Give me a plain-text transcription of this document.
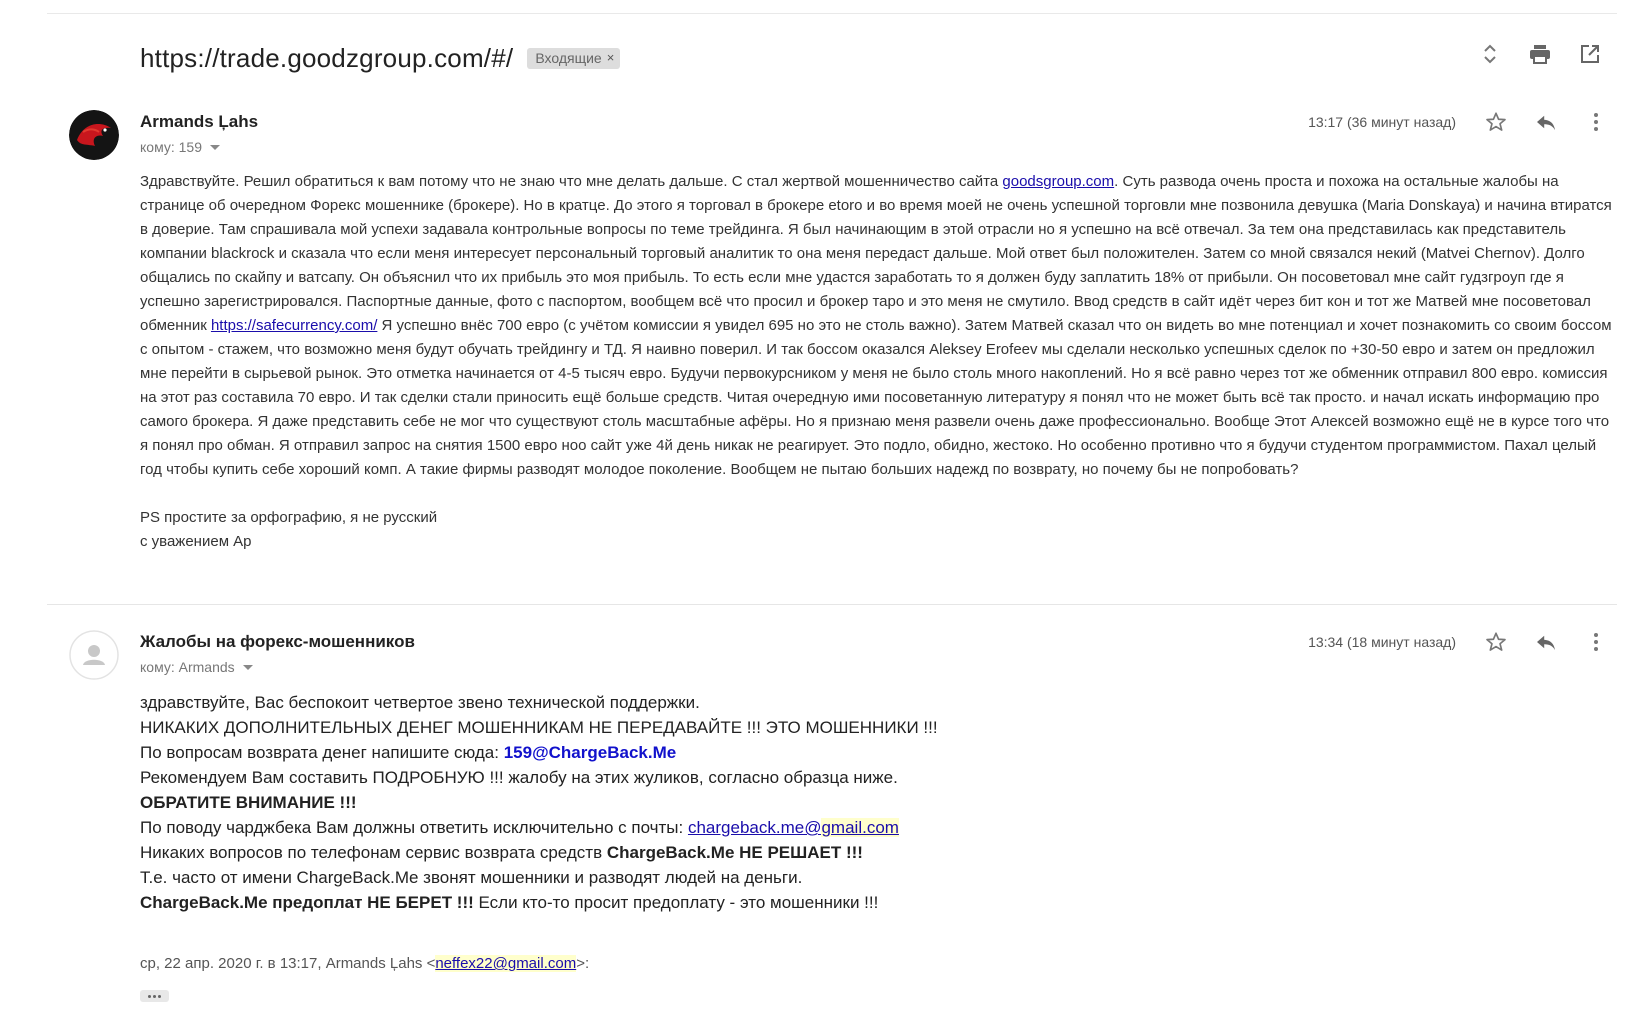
https://trade.goodzgroup.com/#/ Входящие ×
Armands Ļahs
кому: 159
13:17 (36 минут назад)

Здравствуйте. Решил обратиться к вам потому что не знаю что мне делать дальше. С стал жертвой мошенничество сайта goodsgroup.com. Суть развода очень проста и похожа на остальные жалобы на странице об очередном Форекс мошеннике (брокере). Но в кратце. До этого я торговал в брокере etoro и во время моей не очень успешной торговли мне позвонила девушка (Maria Donskaya) и начина втиратся в доверие. Там спрашивала мой успехи задавала контрольные вопросы по теме трейдинга. Я был начинающим в этой отрасли но я успешно на всё отвечал. За тем она представилась как представитель компании blackrock и сказала что если меня интересует персональный торговый аналитик то она меня передаст дальше. Мой ответ был положителен. Затем со мной связался некий (Matvei Chernov). Долго общались по скайпу и ватсапу. Он объяснил что их прибыль это моя прибыль. То есть если мне удастся заработать то я должен буду заплатить 18% от прибыли. Он посоветовал мне сайт гудзгроуп где я успешно зарегистрировался. Паспортные данные, фото с паспортом, вообщем всё что просил и брокер таро и это меня не смутило. Ввод средств в сайт идёт через бит кон и тот же Матвей мне посоветовал обменник https://safecurrency.com/ Я успешно внёс 700 евро (с учётом комиссии я увидел 695 но это не столь важно). Затем Матвей сказал что он видеть во мне потенциал и хочет познакомить со своим боссом с опытом - стажем, что возможно меня будут обучать трейдингу и ТД. Я наивно поверил. И так боссом оказался Aleksey Erofeev мы сделали несколько успешных сделок по +30-50 евро и затем он предложил мне перейти в сырьевой рынок. Это отметка начинается от 4-5 тысяч евро. Будучи первокурсником у меня не было столь много накоплений. Но я всё равно через тот же обменник отправил 800 евро. комиссия на этот раз составила 70 евро. И так сделки стали приносить ещё больше средств. Читая очередную ими посоветанную литературу я понял что не может быть всё так просто. и начал искать информацию про самого брокера. Я даже представить себе не мог что существуют столь масштабные афёры. Но я признаю меня развели очень даже профессионально. Вообще Этот Алексей возможно ещё не в курсе того что я понял про обман. Я отправил запрос на снятия 1500 евро ноо сайт уже 4й день никак не реагирует. Это подло, обидно, жестоко. Но особенно противно что я будучи студентом программистом. Пахал целый год чтобы купить себе хороший комп. А такие фирмы разводят молодое поколение. Вообщем не пытаю больших надежд по возврату, но почему бы не попробовать?

PS простите за орфографию, я не русский

с уважением Ар

Жалобы на форекс-мошенников
кому: Armands
13:34 (18 минут назад)

здравствуйте, Вас беспокоит четвертое звено технической поддержки.

НИКАКИХ ДОПОЛНИТЕЛЬНЫХ ДЕНЕГ МОШЕННИКАМ НЕ ПЕРЕДАВАЙТЕ !!! ЭТО МОШЕННИКИ !!!

По вопросам возврата денег напишите сюда: 159@ChargeBack.Me

Рекомендуем Вам составить ПОДРОБНУЮ !!! жалобу на этих жуликов, согласно образца ниже.

ОБРАТИТЕ ВНИМАНИЕ !!!

По поводу чарджбека Вам должны ответить исключительно с почты: chargeback.me@gmail.com

Никаких вопросов по телефонам сервис возврата средств ChargeBack.Me НЕ РЕШАЕТ !!!

Т.е. часто от имени ChargeBack.Me звонят мошенники и разводят людей на деньги.

ChargeBack.Me предоплат НЕ БЕРЕТ !!! Если кто-то просит предоплату - это мошенники !!!

ср, 22 апр. 2020 г. в 13:17, Armands Ļahs <neffex22@gmail.com>:
